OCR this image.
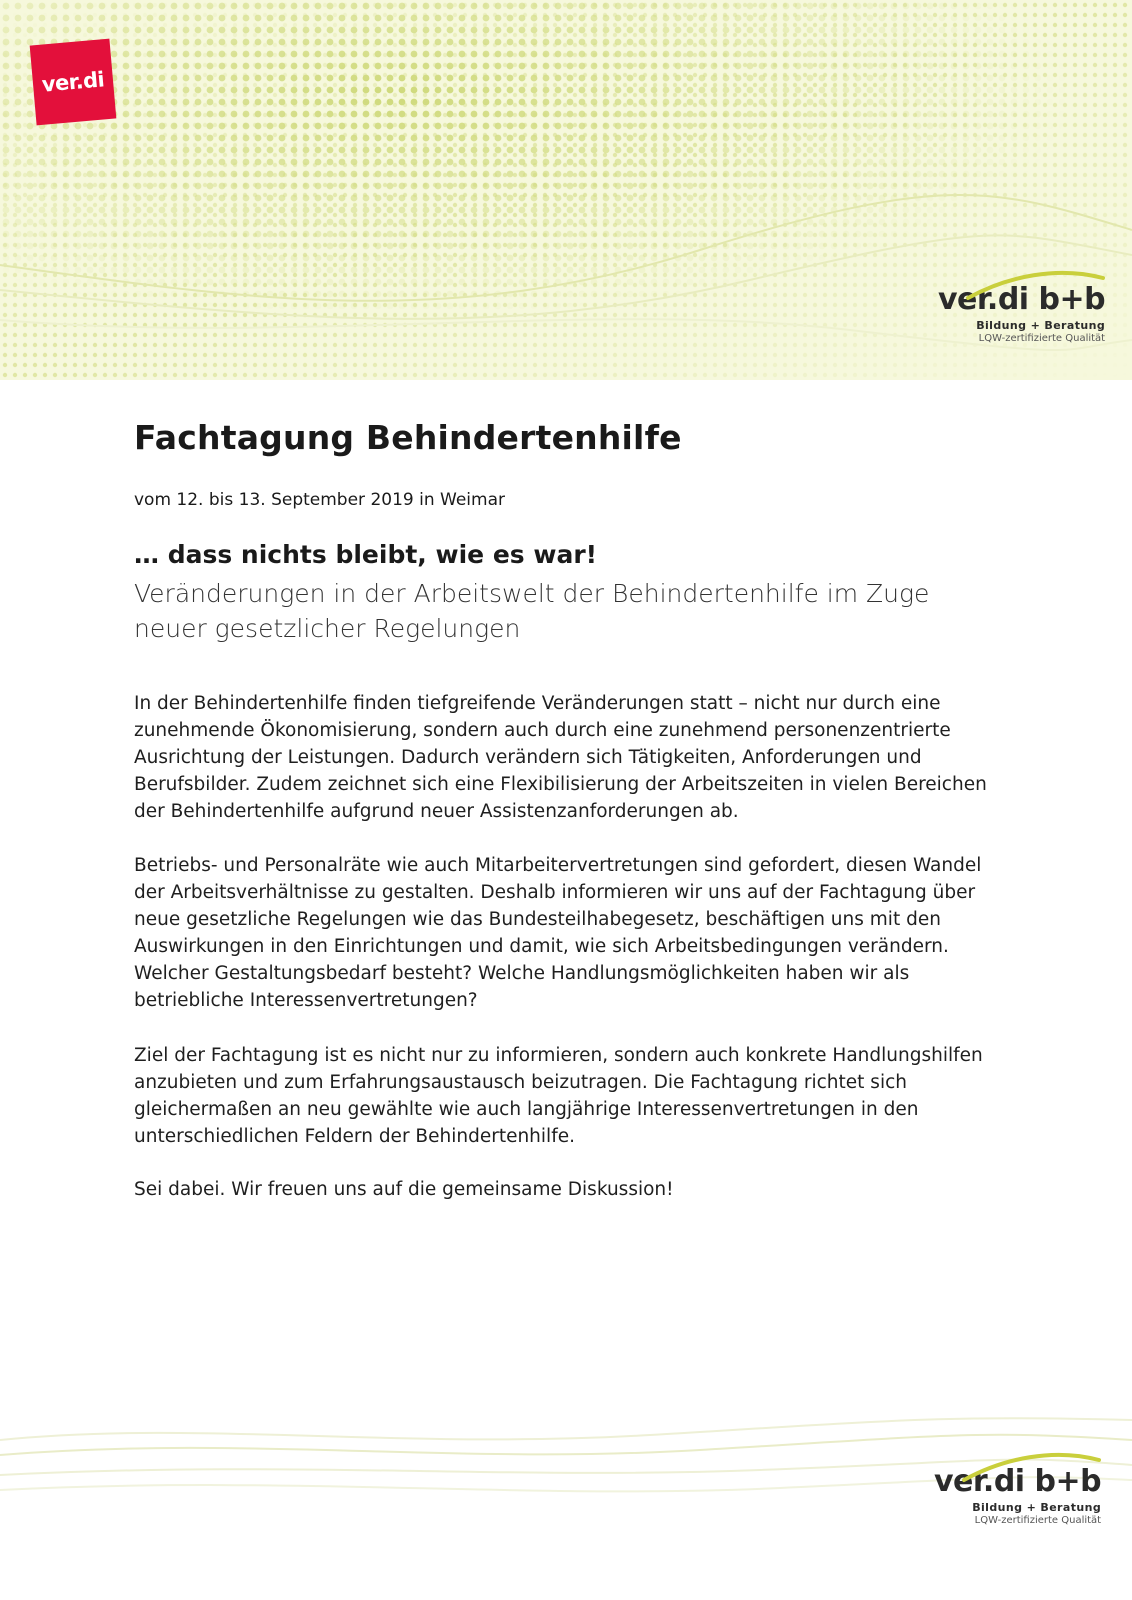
ver.di
ver.di b+b
Bildung + Beratung
LQW-zertifizierte Qualität
Fachtagung Behindertenhilfe
vom 12. bis 13. September 2019 in Weimar
… dass nichts bleibt, wie es war!
Veränderungen in der Arbeitswelt der Behindertenhilfe im Zuge neuer gesetzlicher Regelungen
In der Behindertenhilfe finden tiefgreifende Veränderungen statt – nicht nur durch eine zunehmende Ökonomisierung, sondern auch durch eine zunehmend personenzentrierte Ausrichtung der Leistungen. Dadurch verändern sich Tätigkeiten, Anforderungen und Berufsbilder. Zudem zeichnet sich eine Flexibilisierung der Arbeitszeiten in vielen Bereichen der Behindertenhilfe aufgrund neuer Assistenzanforderungen ab.
Betriebs- und Personalräte wie auch Mitarbeitervertretungen sind gefordert, diesen Wandel der Arbeitsverhältnisse zu gestalten. Deshalb informieren wir uns auf der Fachtagung über neue gesetzliche Regelungen wie das Bundesteilhabegesetz, beschäftigen uns mit den Auswirkungen in den Einrichtungen und damit, wie sich Arbeitsbedingungen verändern. Welcher Gestaltungsbedarf besteht? Welche Handlungsmöglichkeiten haben wir als betriebliche Interessenvertretungen?
Ziel der Fachtagung ist es nicht nur zu informieren, sondern auch konkrete Handlungshilfen anzubieten und zum Erfahrungsaustausch beizutragen. Die Fachtagung richtet sich gleichermaßen an neu gewählte wie auch langjährige Interessenvertretungen in den unterschiedlichen Feldern der Behindertenhilfe.
Sei dabei. Wir freuen uns auf die gemeinsame Diskussion!
ver.di b+b
Bildung + Beratung
LQW-zertifizierte Qualität
